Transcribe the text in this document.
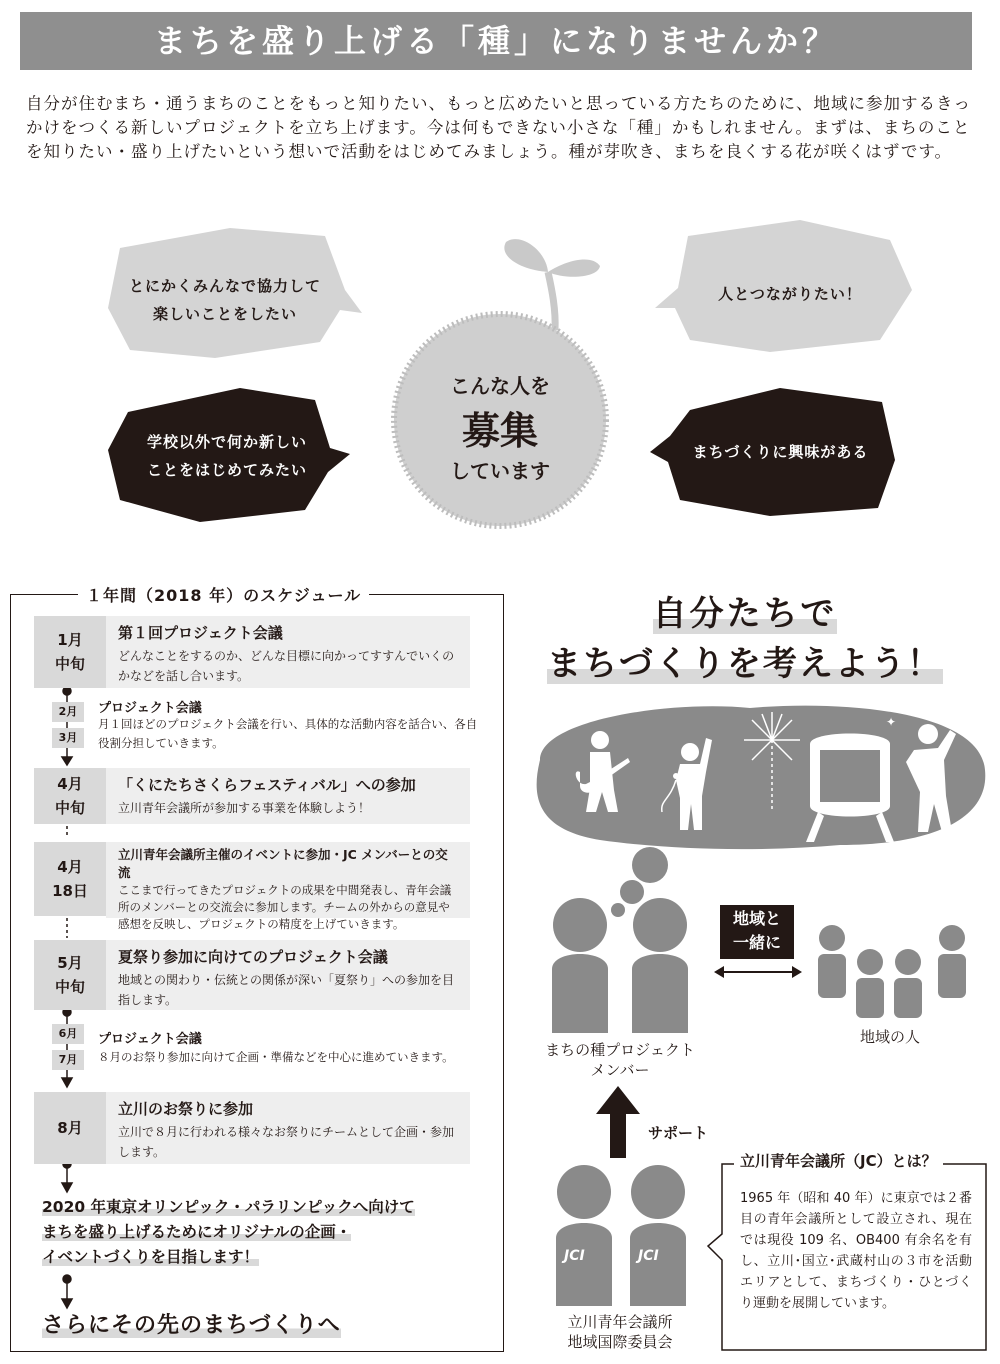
まちを盛り上げる「種」になりませんか？
自分が住むまち・通うまちのことをもっと知りたい、もっと広めたいと思っている方たちのために、地域に参加するきっかけをつくる新しいプロジェクトを立ち上げます。今は何もできない小さな「種」かもしれません。まずは、まちのことを知りたい・盛り上げたいという想いで活動をはじめてみましょう。種が芽吹き、まちを良くする花が咲くはずです。
とにかくみんなで協力して
楽しいことをしたい
人とつながりたい！
学校以外で何か新しい
ことをはじめてみたい
まちづくりに興味がある
こんな人を
募集
しています
１年間（2018 年）のスケジュール
1月
中旬
第１回プロジェクト会議
どんなことをするのか、どんな目標に向かってすすんでいくのかなどを話し合います。
2月
3月
プロジェクト会議
月１回ほどのプロジェクト会議を行い、具体的な活動内容を話合い、各自役割分担していきます。
4月
中旬
「くにたちさくらフェスティバル」への参加
立川青年会議所が参加する事業を体験しよう！
4月
18日
立川青年会議所主催のイベントに参加・JC メンバーとの交流
ここまで行ってきたプロジェクトの成果を中間発表し、青年会議所のメンバーとの交流会に参加します。チームの外からの意見や感想を反映し、プロジェクトの精度を上げていきます。
5月
中旬
夏祭り参加に向けてのプロジェクト会議
地域との関わり・伝統との関係が深い「夏祭り」への参加を目指します。
6月
7月
プロジェクト会議
８月のお祭り参加に向けて企画・準備などを中心に進めていきます。
8月
立川のお祭りに参加
立川で８月に行われる様々なお祭りにチームとして企画・参加します。
2020 年東京オリンピック・パラリンピックへ向けて
まちを盛り上げるためにオリジナルの企画・
イベントづくりを目指します！
さらにその先のまちづくりへ
自分たちで
まちづくりを考えよう！
✦
まちの種プロジェクト
メンバー
地域と
一緒に
地域の人
サポート
JCI	JCI
立川青年会議所
地域国際委員会
立川青年会議所（JC）とは？
1965 年（昭和 40 年）に東京では２番目の青年会議所として設立され、現在では現役 109 名、OB400 有余名を有し、立川･国立･武蔵村山の３市を活動エリアとして、まちづくり・ひとづくり運動を展開しています。
